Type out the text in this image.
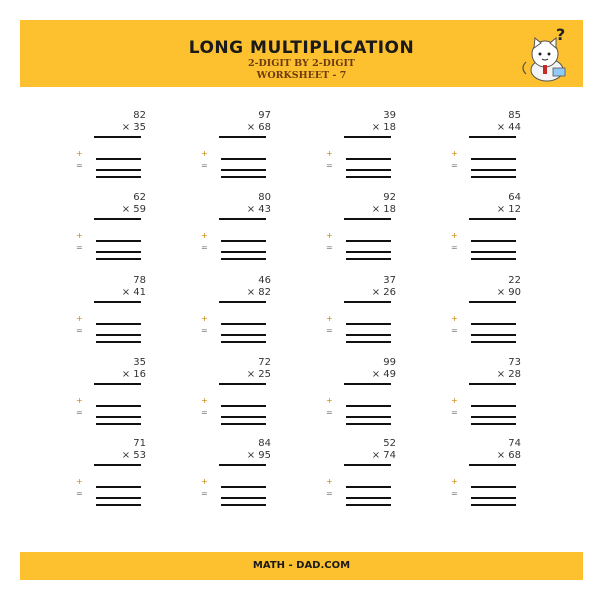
LONG MULTIPLICATION
2-DIGIT BY 2-DIGIT
WORKSHEET - 7
?
82
× 35
+
=
97
× 68
+
=
39
× 18
+
=
85
× 44
+
=
62
× 59
+
=
80
× 43
+
=
92
× 18
+
=
64
× 12
+
=
78
× 41
+
=
46
× 82
+
=
37
× 26
+
=
22
× 90
+
=
35
× 16
+
=
72
× 25
+
=
99
× 49
+
=
73
× 28
+
=
71
× 53
+
=
84
× 95
+
=
52
× 74
+
=
74
× 68
+
=
MATH - DAD.COM
